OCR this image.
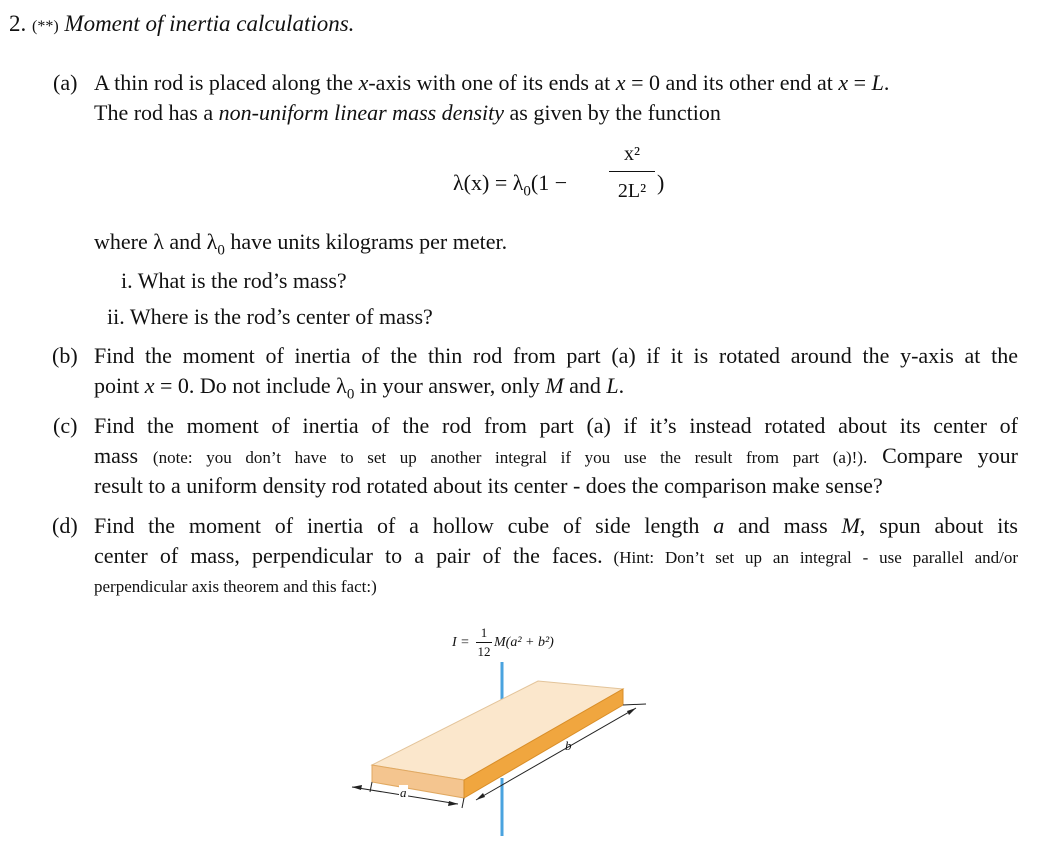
2. (**) Moment of inertia calculations.
(a) A thin rod is placed along the x-axis with one of its ends at x = 0 and its other end at x = L.
The rod has a non-uniform linear mass density as given by the function
$\lambda(x) = \lambda_0(1$ −
x²
2L² )
where λ and $\lambda_0$ have units kilograms per meter.
i. What is the rod’s mass?
ii. Where is the rod’s center of mass?
(b) Find the moment of inertia of the thin rod from part (a) if it is rotated around the y-axis at the
point x = 0. Do not include $\lambda_0$ in your answer, only M and L.
(c) Find the moment of inertia of the rod from part (a) if it’s instead rotated about its center of
mass (note: you don’t have to set up another integral if you use the result from part (a)!). Compare your
result to a uniform density rod rotated about its center - does the comparison make sense?
(d) Find the moment of inertia of a hollow cube of side length a and mass M, spun about its
center of mass, perpendicular to a pair of the faces. (Hint: Don’t set up an integral - use parallel and/or
perpendicular axis theorem and this fact:)
I =
1
12
M(a² + b²)
a
b
